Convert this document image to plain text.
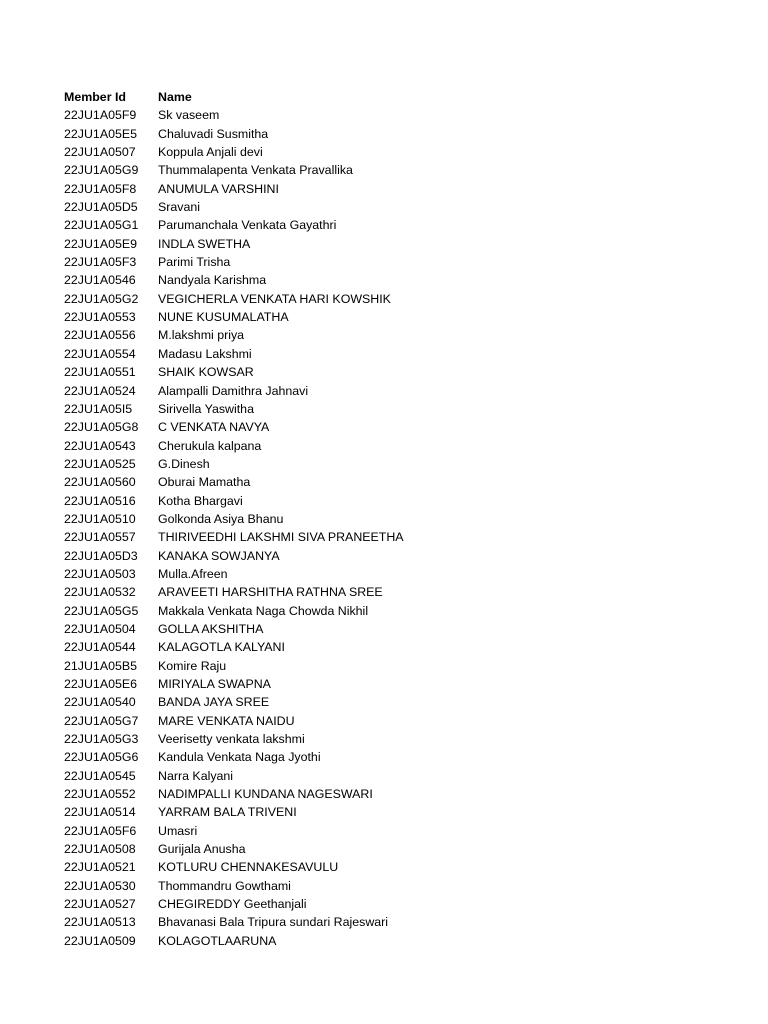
Member Id	Name
22JU1A05F9	Sk vaseem
22JU1A05E5	Chaluvadi Susmitha
22JU1A0507	Koppula Anjali devi
22JU1A05G9	Thummalapenta Venkata Pravallika
22JU1A05F8	ANUMULA VARSHINI
22JU1A05D5	Sravani
22JU1A05G1	Parumanchala Venkata Gayathri
22JU1A05E9	INDLA SWETHA
22JU1A05F3	Parimi Trisha
22JU1A0546	Nandyala Karishma
22JU1A05G2	VEGICHERLA VENKATA HARI KOWSHIK
22JU1A0553	NUNE KUSUMALATHA
22JU1A0556	M.lakshmi priya
22JU1A0554	Madasu Lakshmi
22JU1A0551	SHAIK KOWSAR
22JU1A0524	Alampalli Damithra Jahnavi
22JU1A05I5	Sirivella Yaswitha
22JU1A05G8	C VENKATA NAVYA
22JU1A0543	Cherukula kalpana
22JU1A0525	G.Dinesh
22JU1A0560	Oburai Mamatha
22JU1A0516	Kotha Bhargavi
22JU1A0510	Golkonda Asiya Bhanu
22JU1A0557	THIRIVEEDHI LAKSHMI SIVA PRANEETHA
22JU1A05D3	KANAKA SOWJANYA
22JU1A0503	Mulla.Afreen
22JU1A0532	ARAVEETI HARSHITHA RATHNA SREE
22JU1A05G5	Makkala Venkata Naga Chowda Nikhil
22JU1A0504	GOLLA AKSHITHA
22JU1A0544	KALAGOTLA KALYANI
21JU1A05B5	Komire Raju
22JU1A05E6	MIRIYALA SWAPNA
22JU1A0540	BANDA JAYA SREE
22JU1A05G7	MARE VENKATA NAIDU
22JU1A05G3	Veerisetty venkata lakshmi
22JU1A05G6	Kandula Venkata Naga Jyothi
22JU1A0545	Narra Kalyani
22JU1A0552	NADIMPALLI KUNDANA NAGESWARI
22JU1A0514	YARRAM BALA TRIVENI
22JU1A05F6	Umasri
22JU1A0508	Gurijala Anusha
22JU1A0521	KOTLURU CHENNAKESAVULU
22JU1A0530	Thommandru Gowthami
22JU1A0527	CHEGIREDDY Geethanjali
22JU1A0513	Bhavanasi Bala Tripura sundari Rajeswari
22JU1A0509	KOLAGOTLAARUNA
